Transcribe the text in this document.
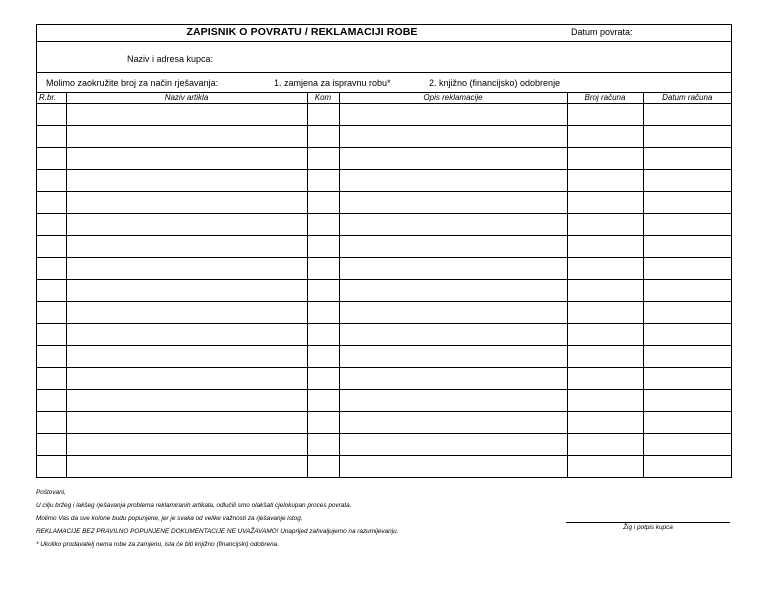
ZAPISNIK O POVRATU / REKLAMACIJI ROBE	Datum povrata:
Naziv i adresa kupca:
Molimo zaokružite broj za način rješavanja:	1. zamjena za ispravnu robu*	2. knjižno (financijsko) odobrenje
R.br.	Naziv artikla	Kom	Opis reklamacije	Broj računa	Datum računa

Poštovani,
U cilju bržeg i lakšeg rješavanja problema reklamiranih artikala, odlučili smo olakšati cjelokupan proces povrata.
Molimo Vas da sve kolone budu popunjene, jer je svaka od velike važnosti za rješavanje istog.
REKLAMACIJE BEZ PRAVILNO POPUNJENE DOKUMENTACIJE NE UVAŽAVAMO! Unaprijed zahvaljujemo na razumijevanju.
* Ukoliko prodavatelj nema robe za zamjenu, ista će biti knjižno (financijski) odobrena.
Žig i potpis kupca
